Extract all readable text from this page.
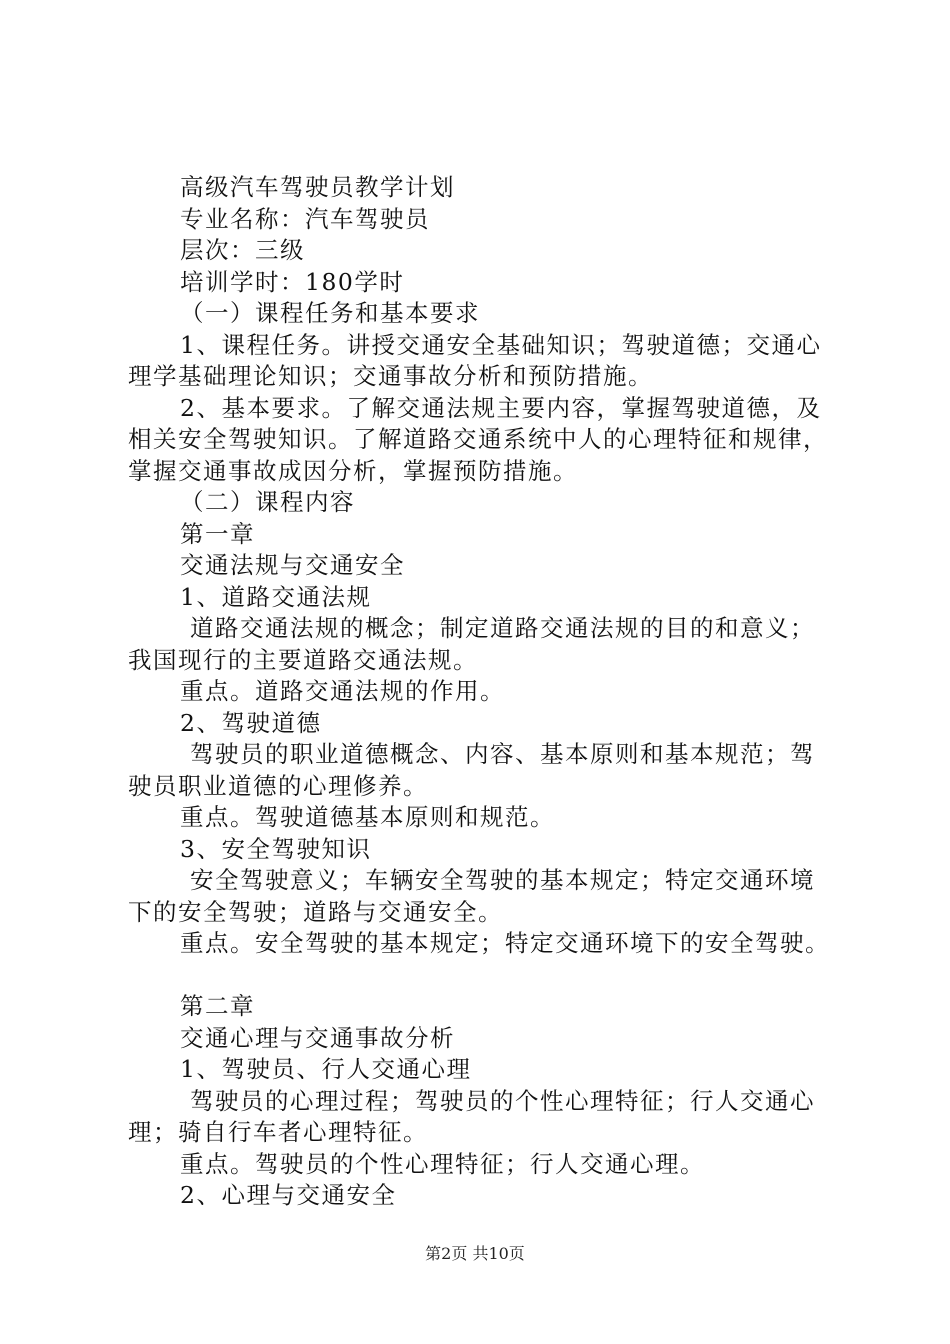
高级汽车驾驶员教学计划
专业名称：汽车驾驶员
层次：三级
培训学时：180学时
（一）课程任务和基本要求
1、课程任务。讲授交通安全基础知识；驾驶道德；交通心
理学基础理论知识；交通事故分析和预防措施。
2、基本要求。了解交通法规主要内容，掌握驾驶道德，及
相关安全驾驶知识。了解道路交通系统中人的心理特征和规律，
掌握交通事故成因分析，掌握预防措施。
（二）课程内容
第一章
交通法规与交通安全
1、道路交通法规
道路交通法规的概念；制定道路交通法规的目的和意义；
我国现行的主要道路交通法规。
重点。道路交通法规的作用。
2、驾驶道德
驾驶员的职业道德概念、内容、基本原则和基本规范；驾
驶员职业道德的心理修养。
重点。驾驶道德基本原则和规范。
3、安全驾驶知识
安全驾驶意义；车辆安全驾驶的基本规定；特定交通环境
下的安全驾驶；道路与交通安全。
重点。安全驾驶的基本规定；特定交通环境下的安全驾驶。
第二章
交通心理与交通事故分析
1、驾驶员、行人交通心理
驾驶员的心理过程；驾驶员的个性心理特征；行人交通心
理；骑自行车者心理特征。
重点。驾驶员的个性心理特征；行人交通心理。
2、心理与交通安全
第2页 共10页
